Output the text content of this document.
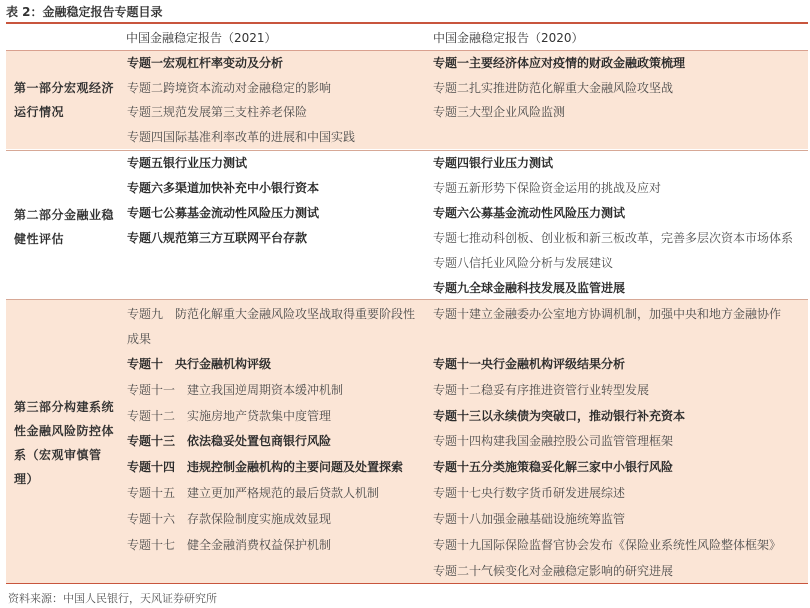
表 2：金融稳定报告专题目录
中国金融稳定报告（2021）	中国金融稳定报告（2020）
第一部分宏观经济运行情况
专题一宏观杠杆率变动及分析
专题二跨境资本流动对金融稳定的影响
专题三规范发展第三支柱养老保险
专题四国际基准利率改革的进展和中国实践
专题一主要经济体应对疫情的财政金融政策梳理
专题二扎实推进防范化解重大金融风险攻坚战
专题三大型企业风险监测
第二部分金融业稳健性评估
专题五银行业压力测试
专题六多渠道加快补充中小银行资本
专题七公募基金流动性风险压力测试
专题八规范第三方互联网平台存款
专题四银行业压力测试
专题五新形势下保险资金运用的挑战及应对
专题六公募基金流动性风险压力测试
专题七推动科创板、创业板和新三板改革，完善多层次资本市场体系
专题八信托业风险分析与发展建议
专题九全球金融科技发展及监管进展
第三部分构建系统性金融风险防控体系（宏观审慎管理）
专题九　防范化解重大金融风险攻坚战取得重要阶段性成果
专题十　央行金融机构评级
专题十一　建立我国逆周期资本缓冲机制
专题十二　实施房地产贷款集中度管理
专题十三　依法稳妥处置包商银行风险
专题十四　违规控制金融机构的主要问题及处置探索
专题十五　建立更加严格规范的最后贷款人机制
专题十六　存款保险制度实施成效显现
专题十七　健全金融消费权益保护机制
专题十建立金融委办公室地方协调机制，加强中央和地方金融协作
专题十一央行金融机构评级结果分析
专题十二稳妥有序推进资管行业转型发展
专题十三以永续债为突破口，推动银行补充资本
专题十四构建我国金融控股公司监管管理框架
专题十五分类施策稳妥化解三家中小银行风险
专题十七央行数字货币研发进展综述
专题十八加强金融基础设施统筹监管
专题十九国际保险监督官协会发布《保险业系统性风险整体框架》
专题二十气候变化对金融稳定影响的研究进展
资料来源：中国人民银行，天风证券研究所
